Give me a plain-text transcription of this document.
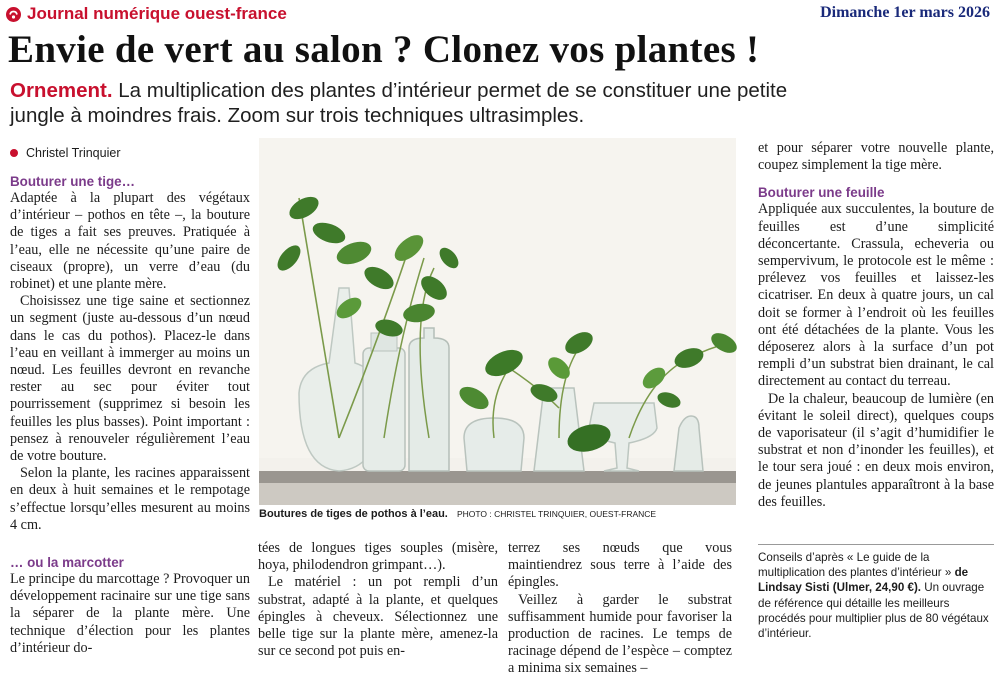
Journal numérique ouest-france	Dimanche 1er mars 2026
Envie de vert au salon ? Clonez vos plantes !
Ornement. La multiplication des plantes d’intérieur permet de se constituer une petite jungle à moindres frais. Zoom sur trois techniques ultrasimples.
Christel Trinquier
Bouturer une tige…

Adaptée à la plupart des végétaux d’intérieur – pothos en tête –, la bouture de tiges a fait ses preuves. Pratiquée à l’eau, elle ne nécessite qu’une paire de ciseaux (propre), un verre d’eau (du robinet) et une plante mère.

Choisissez une tige saine et sectionnez un segment (juste au-dessous d’un nœud dans le cas du pothos). Placez-le dans l’eau en veillant à immerger au moins un nœud. Les feuilles devront en revanche rester au sec pour éviter tout pourrissement (supprimez si besoin les feuilles les plus basses). Point important : pensez à renouveler régulièrement l’eau de votre bouture.

Selon la plante, les racines apparaissent en deux à huit semaines et le rempotage s’effectue lorsqu’elles mesurent au moins 4 cm.

… ou la marcotter

Le principe du marcottage ? Provoquer un développement racinaire sur une tige sans la séparer de la plante mère. Une technique d’élection pour les plantes d’intérieur do-

Boutures de tiges de pothos à l’eau. PHOTO : CHRISTEL TRINQUIER, OUEST-FRANCE

tées de longues tiges souples (misère, hoya, philodendron grimpant…).

Le matériel : un pot rempli d’un substrat, adapté à la plante, et quelques épingles à cheveux. Sélectionnez une belle tige sur la plante mère, amenez-la sur ce second pot puis en-

terrez ses nœuds que vous maintiendrez sous terre à l’aide des épingles.

Veillez à garder le substrat suffisamment humide pour favoriser la production de racines. Le temps de racinage dépend de l’espèce – comptez a minima six semaines –

et pour séparer votre nouvelle plante, coupez simplement la tige mère.

Bouturer une feuille

Appliquée aux succulentes, la bouture de feuilles est d’une simplicité déconcertante. Crassula, echeveria ou sempervivum, le protocole est le même : prélevez vos feuilles et laissez-les cicatriser. En deux à quatre jours, un cal doit se former à l’endroit où les feuilles ont été détachées de la plante. Vous les déposerez alors à la surface d’un pot rempli d’un substrat bien drainant, le cal directement au contact du terreau.

De la chaleur, beaucoup de lumière (en évitant le soleil direct), quelques coups de vaporisateur (il s’agit d’humidifier le substrat et non d’inonder les feuilles), et le tour sera joué : en deux mois environ, de jeunes plantules apparaîtront à la base des feuilles.

Conseils d’après « Le guide de la multiplication des plantes d’intérieur » de Lindsay Sisti (Ulmer, 24,90 €). Un ouvrage de référence qui détaille les meilleurs procédés pour multiplier plus de 80 végétaux d’intérieur.
